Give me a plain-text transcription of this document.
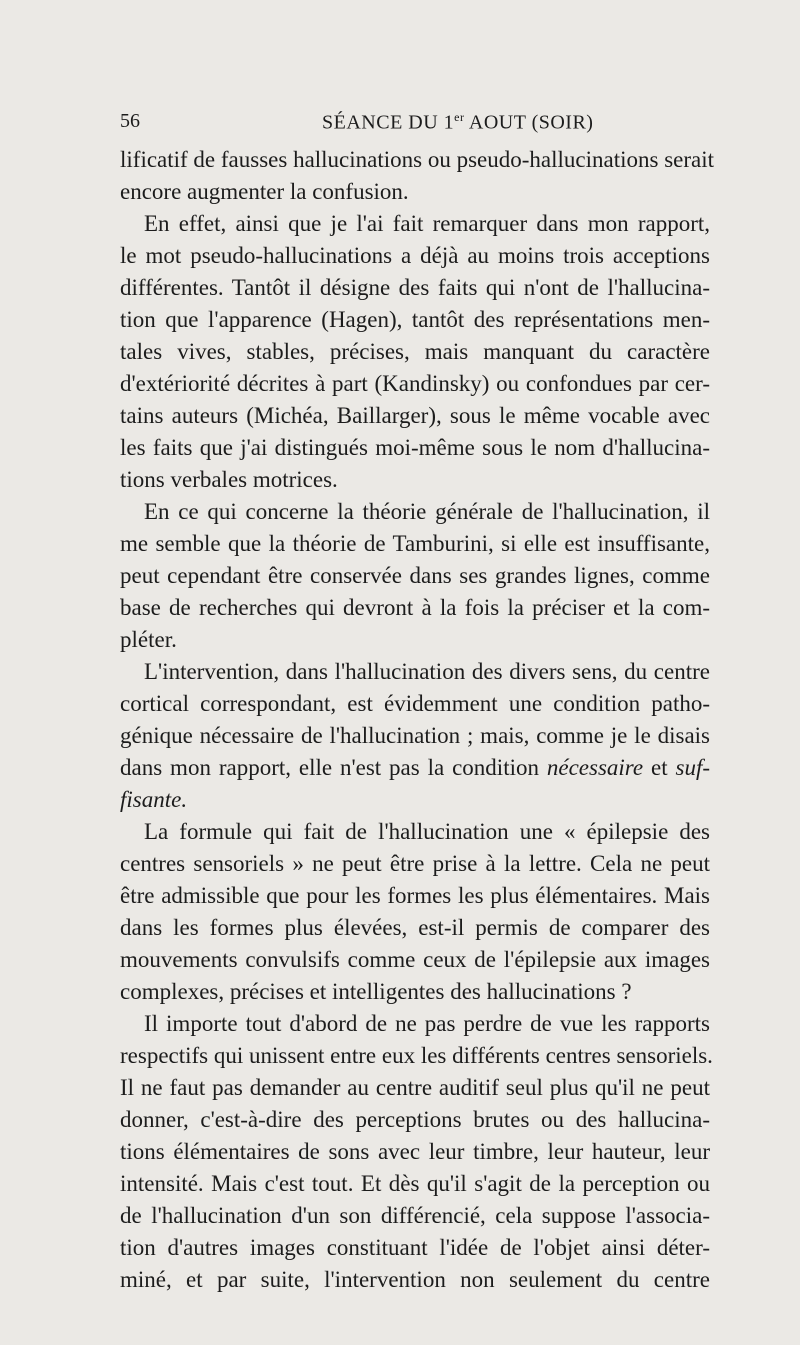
56	SÉANCE DU 1er AOUT (SOIR)
lificatif de fausses hallucinations ou pseudo-hallucinations serait
encore augmenter la confusion.
En effet, ainsi que je l'ai fait remarquer dans mon rapport,
le mot pseudo-hallucinations a déjà au moins trois acceptions
différentes. Tantôt il désigne des faits qui n'ont de l'hallucina-
tion que l'apparence (Hagen), tantôt des représentations men-
tales vives, stables, précises, mais manquant du caractère
d'extériorité décrites à part (Kandinsky) ou confondues par cer-
tains auteurs (Michéa, Baillarger), sous le même vocable avec
les faits que j'ai distingués moi-même sous le nom d'hallucina-
tions verbales motrices.
En ce qui concerne la théorie générale de l'hallucination, il
me semble que la théorie de Tamburini, si elle est insuffisante,
peut cependant être conservée dans ses grandes lignes, comme
base de recherches qui devront à la fois la préciser et la com-
pléter.
L'intervention, dans l'hallucination des divers sens, du centre
cortical correspondant, est évidemment une condition patho-
génique nécessaire de l'hallucination ; mais, comme je le disais
dans mon rapport, elle n'est pas la condition nécessaire et suf-
fisante.
La formule qui fait de l'hallucination une « épilepsie des
centres sensoriels » ne peut être prise à la lettre. Cela ne peut
être admissible que pour les formes les plus élémentaires. Mais
dans les formes plus élevées, est-il permis de comparer des
mouvements convulsifs comme ceux de l'épilepsie aux images
complexes, précises et intelligentes des hallucinations ?
Il importe tout d'abord de ne pas perdre de vue les rapports
respectifs qui unissent entre eux les différents centres sensoriels.
Il ne faut pas demander au centre auditif seul plus qu'il ne peut
donner, c'est-à-dire des perceptions brutes ou des hallucina-
tions élémentaires de sons avec leur timbre, leur hauteur, leur
intensité. Mais c'est tout. Et dès qu'il s'agit de la perception ou
de l'hallucination d'un son différencié, cela suppose l'associa-
tion d'autres images constituant l'idée de l'objet ainsi déter-
miné, et par suite, l'intervention non seulement du centre
